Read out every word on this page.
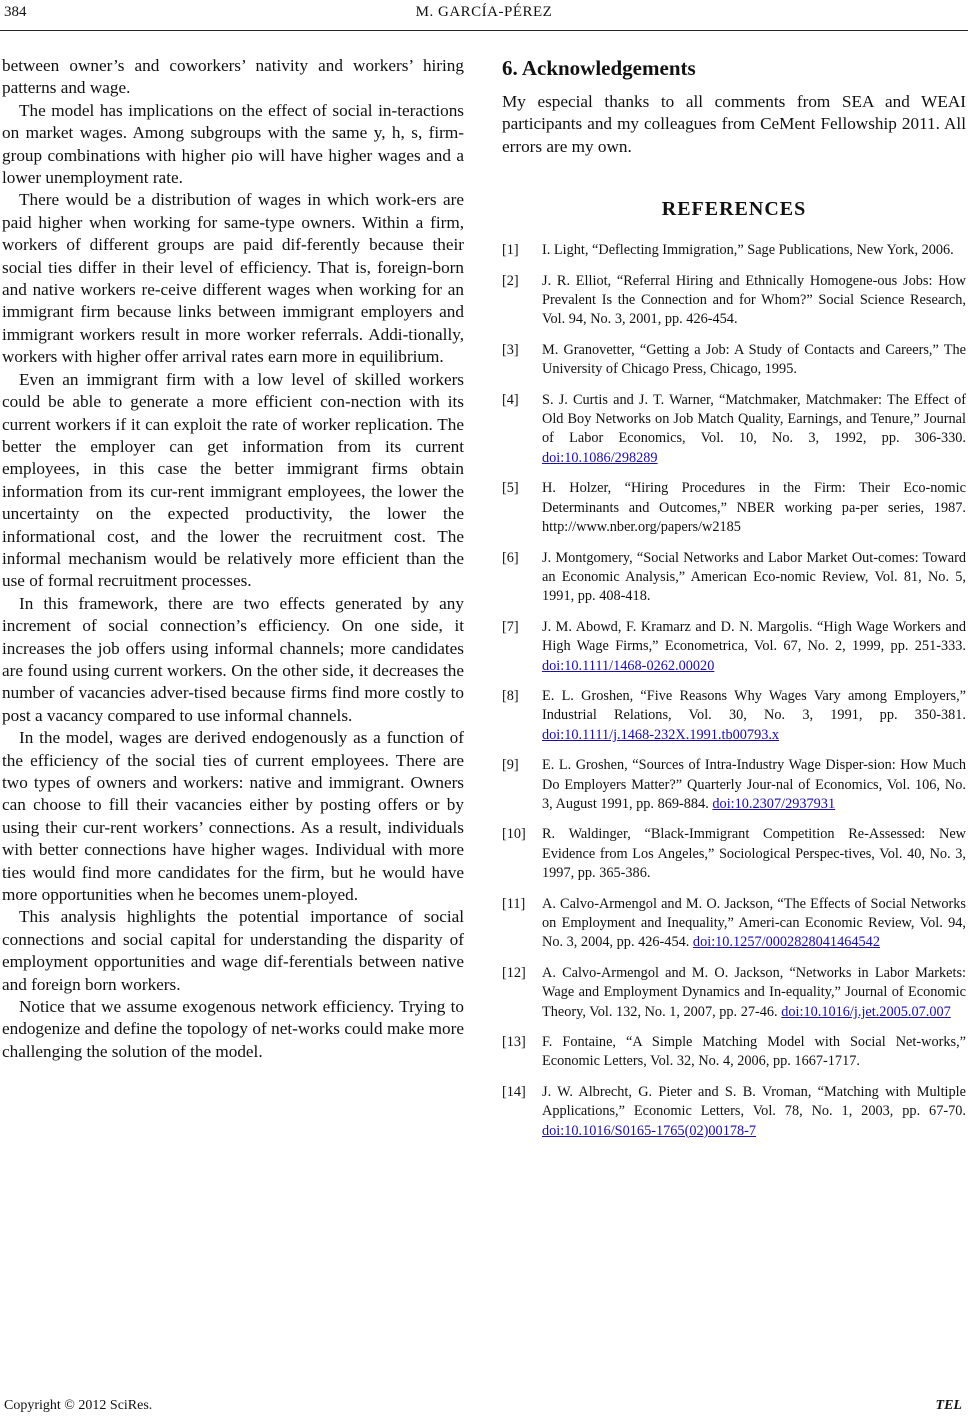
384	M. GARCÍA-PÉREZ

between owner’s and coworkers’ nativity and workers’ hiring patterns and wage.

The model has implications on the effect of social in-teractions on market wages. Among subgroups with the same y, h, s, firm-group combinations with higher ρio will have higher wages and a lower unemployment rate.

There would be a distribution of wages in which work-ers are paid higher when working for same-type owners. Within a firm, workers of different groups are paid dif-ferently because their social ties differ in their level of efficiency. That is, foreign-born and native workers re-ceive different wages when working for an immigrant firm because links between immigrant employers and immigrant workers result in more worker referrals. Addi-tionally, workers with higher offer arrival rates earn more in equilibrium.

Even an immigrant firm with a low level of skilled workers could be able to generate a more efficient con-nection with its current workers if it can exploit the rate of worker replication. The better the employer can get information from its current employees, in this case the better immigrant firms obtain information from its cur-rent immigrant employees, the lower the uncertainty on the expected productivity, the lower the informational cost, and the lower the recruitment cost. The informal mechanism would be relatively more efficient than the use of formal recruitment processes.

In this framework, there are two effects generated by any increment of social connection’s efficiency. On one side, it increases the job offers using informal channels; more candidates are found using current workers. On the other side, it decreases the number of vacancies adver-tised because firms find more costly to post a vacancy compared to use informal channels.

In the model, wages are derived endogenously as a function of the efficiency of the social ties of current employees. There are two types of owners and workers: native and immigrant. Owners can choose to fill their vacancies either by posting offers or by using their cur-rent workers’ connections. As a result, individuals with better connections have higher wages. Individual with more ties would find more candidates for the firm, but he would have more opportunities when he becomes unem-ployed.

This analysis highlights the potential importance of social connections and social capital for understanding the disparity of employment opportunities and wage dif-ferentials between native and foreign born workers.

Notice that we assume exogenous network efficiency. Trying to endogenize and define the topology of net-works could make more challenging the solution of the model.

6. Acknowledgements

My especial thanks to all comments from SEA and WEAI participants and my colleagues from CeMent Fellowship 2011. All errors are my own.

REFERENCES
[1]	I. Light, “Deflecting Immigration,” Sage Publications, New York, 2006.
[2]	J. R. Elliot, “Referral Hiring and Ethnically Homogene-ous Jobs: How Prevalent Is the Connection and for Whom?” Social Science Research, Vol. 94, No. 3, 2001, pp. 426-454.
[3]	M. Granovetter, “Getting a Job: A Study of Contacts and Careers,” The University of Chicago Press, Chicago, 1995.
[4]	S. J. Curtis and J. T. Warner, “Matchmaker, Matchmaker: The Effect of Old Boy Networks on Job Match Quality, Earnings, and Tenure,” Journal of Labor Economics, Vol. 10, No. 3, 1992, pp. 306-330. doi:10.1086/298289
[5]	H. Holzer, “Hiring Procedures in the Firm: Their Eco-nomic Determinants and Outcomes,” NBER working pa-per series, 1987. http://www.nber.org/papers/w2185
[6]	J. Montgomery, “Social Networks and Labor Market Out-comes: Toward an Economic Analysis,” American Eco-nomic Review, Vol. 81, No. 5, 1991, pp. 408-418.
[7]	J. M. Abowd, F. Kramarz and D. N. Margolis. “High Wage Workers and High Wage Firms,” Econometrica, Vol. 67, No. 2, 1999, pp. 251-333. doi:10.1111/1468-0262.00020
[8]	E. L. Groshen, “Five Reasons Why Wages Vary among Employers,” Industrial Relations, Vol. 30, No. 3, 1991, pp. 350-381. doi:10.1111/j.1468-232X.1991.tb00793.x
[9]	E. L. Groshen, “Sources of Intra-Industry Wage Disper-sion: How Much Do Employers Matter?” Quarterly Jour-nal of Economics, Vol. 106, No. 3, August 1991, pp. 869-884. doi:10.2307/2937931
[10]	R. Waldinger, “Black-Immigrant Competition Re-Assessed: New Evidence from Los Angeles,” Sociological Perspec-tives, Vol. 40, No. 3, 1997, pp. 365-386.
[11]	A. Calvo-Armengol and M. O. Jackson, “The Effects of Social Networks on Employment and Inequality,” Ameri-can Economic Review, Vol. 94, No. 3, 2004, pp. 426-454. doi:10.1257/0002828041464542
[12]	A. Calvo-Armengol and M. O. Jackson, “Networks in Labor Markets: Wage and Employment Dynamics and In-equality,” Journal of Economic Theory, Vol. 132, No. 1, 2007, pp. 27-46. doi:10.1016/j.jet.2005.07.007
[13]	F. Fontaine, “A Simple Matching Model with Social Net-works,” Economic Letters, Vol. 32, No. 4, 2006, pp. 1667-1717.
[14]	J. W. Albrecht, G. Pieter and S. B. Vroman, “Matching with Multiple Applications,” Economic Letters, Vol. 78, No. 1, 2003, pp. 67-70. doi:10.1016/S0165-1765(02)00178-7
Copyright © 2012 SciRes.	TEL
